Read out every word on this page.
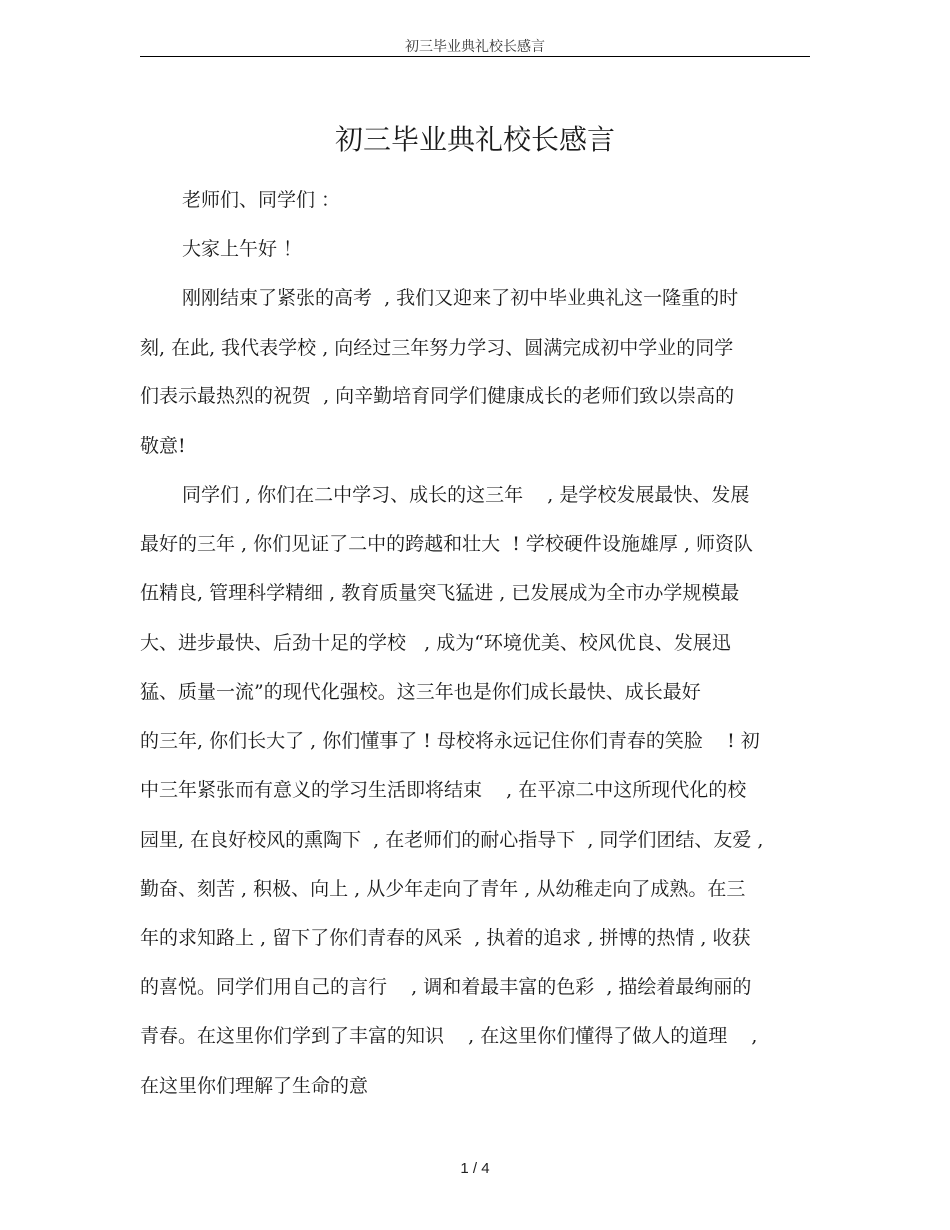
初三毕业典礼校长感言
初三毕业典礼校长感言
老师们、同学们 ：
大家上午好 ！
刚刚结束了紧张的高考  , 我们又迎来了初中毕业典礼这一隆重的时
刻, 在此, 我代表学校 , 向经过三年努力学习、圆满完成初中学业的同学
们表示最热烈的祝贺  , 向辛勤培育同学们健康成长的老师们致以崇高的
敬意!
同学们 , 你们在二中学习、成长的这三年    , 是学校发展最快、发展
最好的三年 , 你们见证了二中的跨越和壮大  ! 学校硬件设施雄厚 , 师资队
伍精良, 管理科学精细 , 教育质量突飞猛进 , 已发展成为全市办学规模最
大、进步最快、后劲十足的学校   , 成为“环境优美、校风优良、发展迅
猛、质量一流”的现代化强校。这三年也是你们成长最快、成长最好
的三年, 你们长大了 , 你们懂事了 ! 母校将永远记住你们青春的笑脸    ! 初
中三年紧张而有意义的学习生活即将结束    , 在平凉二中这所现代化的校
园里, 在良好校风的熏陶下  , 在老师们的耐心指导下  , 同学们团结、友爱 ,
勤奋、刻苦 , 积极、向上 , 从少年走向了青年 , 从幼稚走向了成熟。在三
年的求知路上 , 留下了你们青春的风采  , 执着的追求 , 拼博的热情 , 收获
的喜悦。同学们用自己的言行    , 调和着最丰富的色彩  , 描绘着最绚丽的
青春。在这里你们学到了丰富的知识    , 在这里你们懂得了做人的道理    ,
在这里你们理解了生命的意
1 / 4
